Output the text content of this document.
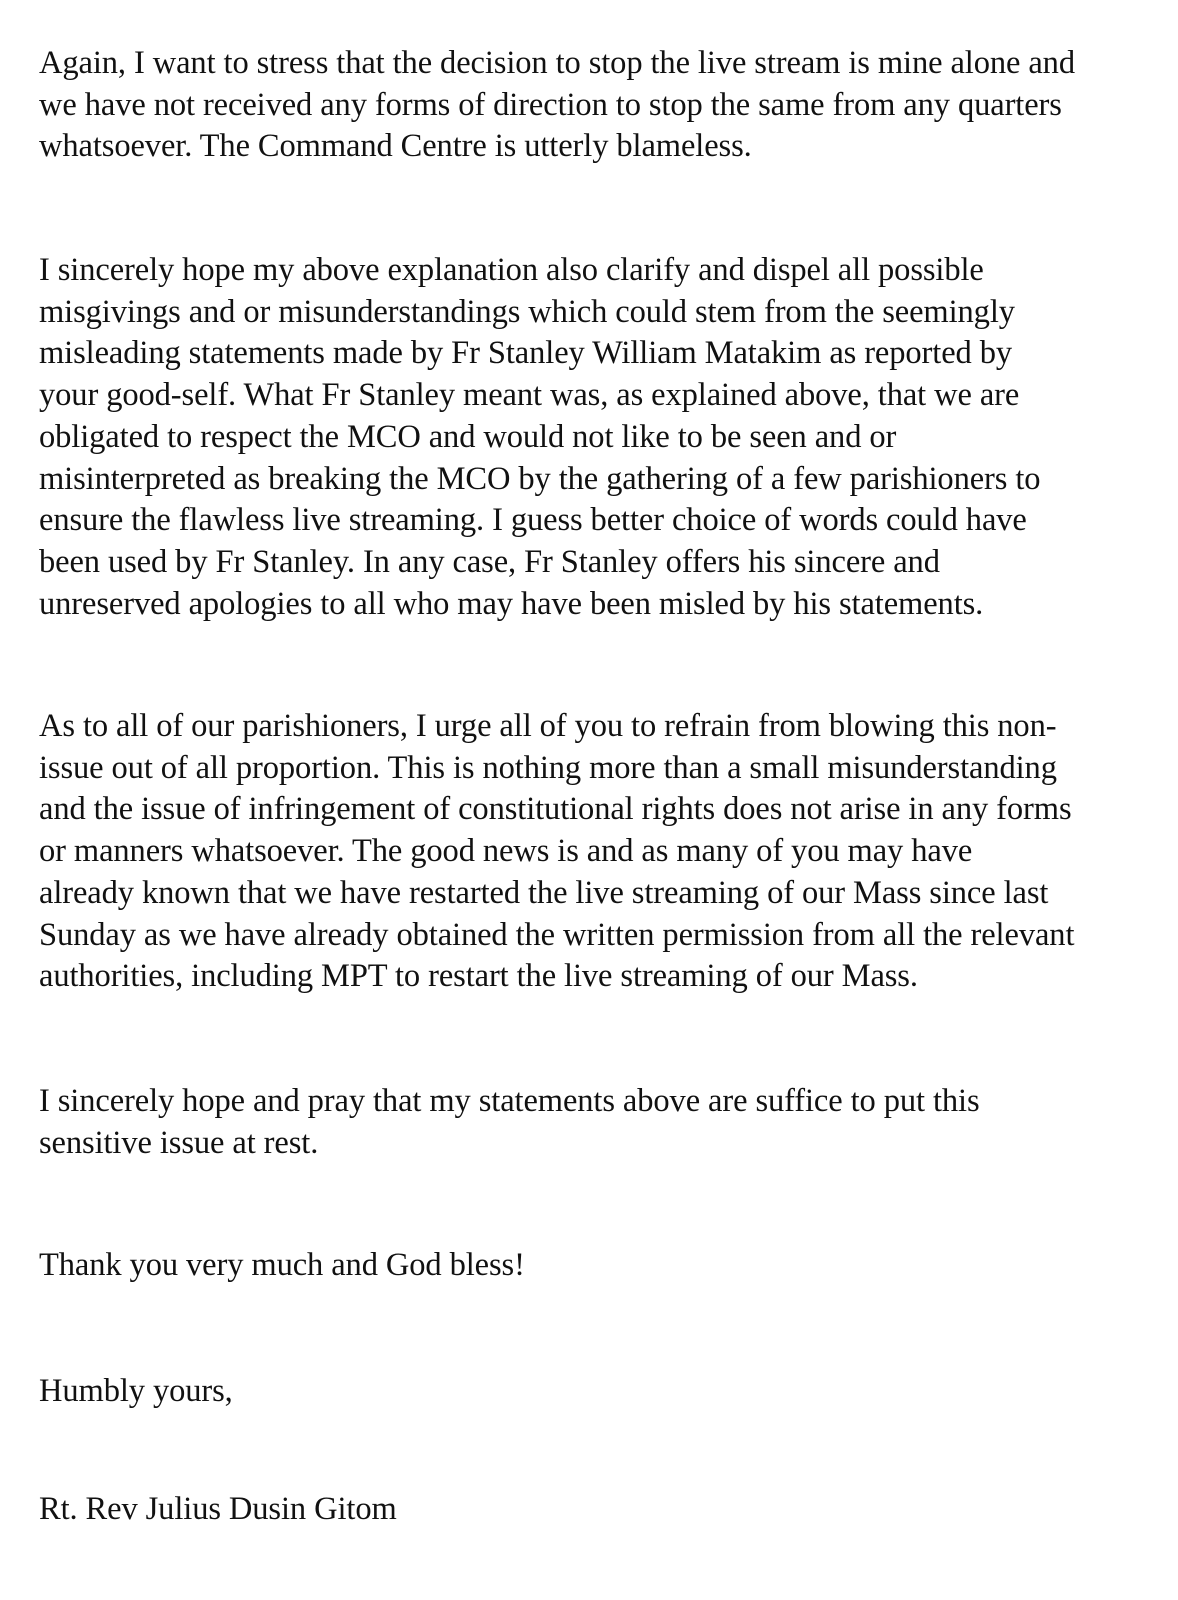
Again, I want to stress that the decision to stop the live stream is mine alone and
we have not received any forms of direction to stop the same from any quarters
whatsoever. The Command Centre is utterly blameless.

I sincerely hope my above explanation also clarify and dispel all possible
misgivings and or misunderstandings which could stem from the seemingly
misleading statements made by Fr Stanley William Matakim as reported by
your good-self. What Fr Stanley meant was, as explained above, that we are
obligated to respect the MCO and would not like to be seen and or
misinterpreted as breaking the MCO by the gathering of a few parishioners to
ensure the flawless live streaming. I guess better choice of words could have
been used by Fr Stanley. In any case, Fr Stanley offers his sincere and
unreserved apologies to all who may have been misled by his statements.

As to all of our parishioners, I urge all of you to refrain from blowing this non-
issue out of all proportion. This is nothing more than a small misunderstanding
and the issue of infringement of constitutional rights does not arise in any forms
or manners whatsoever. The good news is and as many of you may have
already known that we have restarted the live streaming of our Mass since last
Sunday as we have already obtained the written permission from all the relevant
authorities, including MPT to restart the live streaming of our Mass.

I sincerely hope and pray that my statements above are suffice to put this
sensitive issue at rest.

Thank you very much and God bless!

Humbly yours,

Rt. Rev Julius Dusin Gitom
